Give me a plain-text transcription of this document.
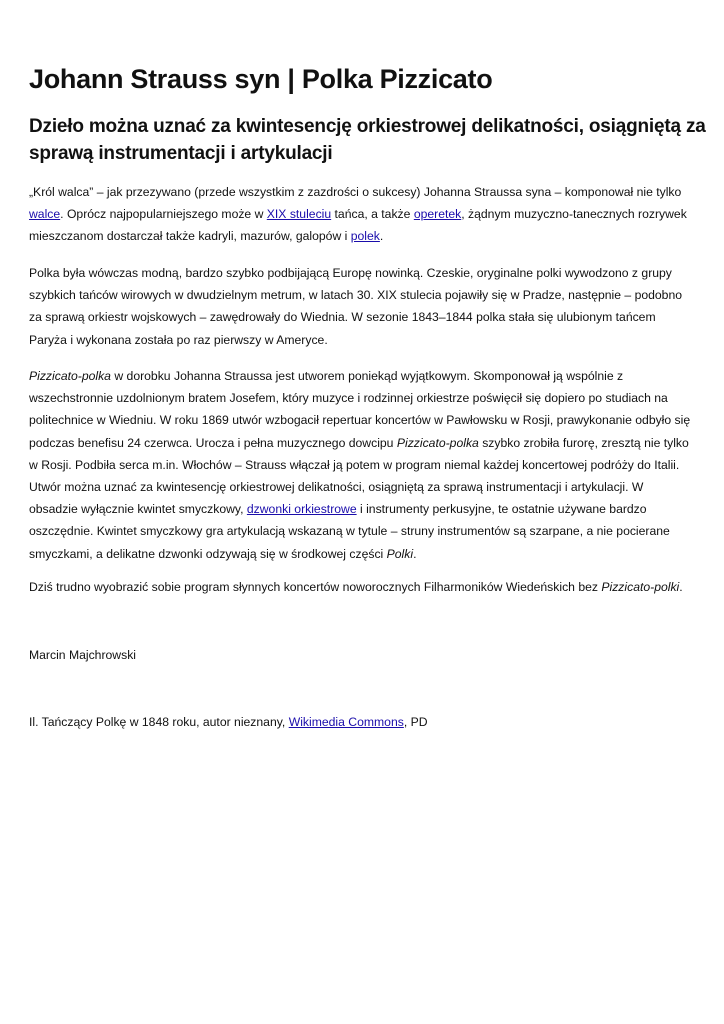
Johann Strauss syn | Polka Pizzicato
Dzieło można uznać za kwintesencję orkiestrowej delikatności, osiągniętą za sprawą instrumentacji i artykulacji

„Król walca” – jak przezywano (przede wszystkim z zazdrości o sukcesy) Johanna Straussa syna – komponował nie tylko walce. Oprócz najpopularniejszego może w XIX stuleciu tańca, a także operetek, żądnym muzyczno-tanecznych rozrywek mieszczanom dostarczał także kadryli, mazurów, galopów i polek.

Polka była wówczas modną, bardzo szybko podbijającą Europę nowinką. Czeskie, oryginalne polki wywodzono z grupy szybkich tańców wirowych w dwudzielnym metrum, w latach 30. XIX stulecia pojawiły się w Pradze, następnie – podobno za sprawą orkiestr wojskowych – zawędrowały do Wiednia. W sezonie 1843–1844 polka stała się ulubionym tańcem Paryża i wykonana została po raz pierwszy w Ameryce.

Pizzicato-polka w dorobku Johanna Straussa jest utworem poniekąd wyjątkowym. Skomponował ją wspólnie z wszechstronnie uzdolnionym bratem Josefem, który muzyce i rodzinnej orkiestrze poświęcił się dopiero po studiach na politechnice w Wiedniu. W roku 1869 utwór wzbogacił repertuar koncertów w Pawłowsku w Rosji, prawykonanie odbyło się podczas benefisu 24 czerwca. Urocza i pełna muzycznego dowcipu Pizzicato-polka szybko zrobiła furorę, zresztą nie tylko w Rosji. Podbiła serca m.in. Włochów – Strauss włączał ją potem w program niemal każdej koncertowej podróży do Italii. Utwór można uznać za kwintesencję orkiestrowej delikatności, osiągniętą za sprawą instrumentacji i artykulacji. W obsadzie wyłącznie kwintet smyczkowy, dzwonki orkiestrowe i instrumenty perkusyjne, te ostatnie używane bardzo oszczędnie. Kwintet smyczkowy gra artykulacją wskazaną w tytule – struny instrumentów są szarpane, a nie pocierane smyczkami, a delikatne dzwonki odzywają się w środkowej części Polki.

Dziś trudno wyobrazić sobie program słynnych koncertów noworocznych Filharmoników Wiedeńskich bez Pizzicato-polki.

Marcin Majchrowski

Il. Tańczący Polkę w 1848 roku, autor nieznany, Wikimedia Commons, PD
